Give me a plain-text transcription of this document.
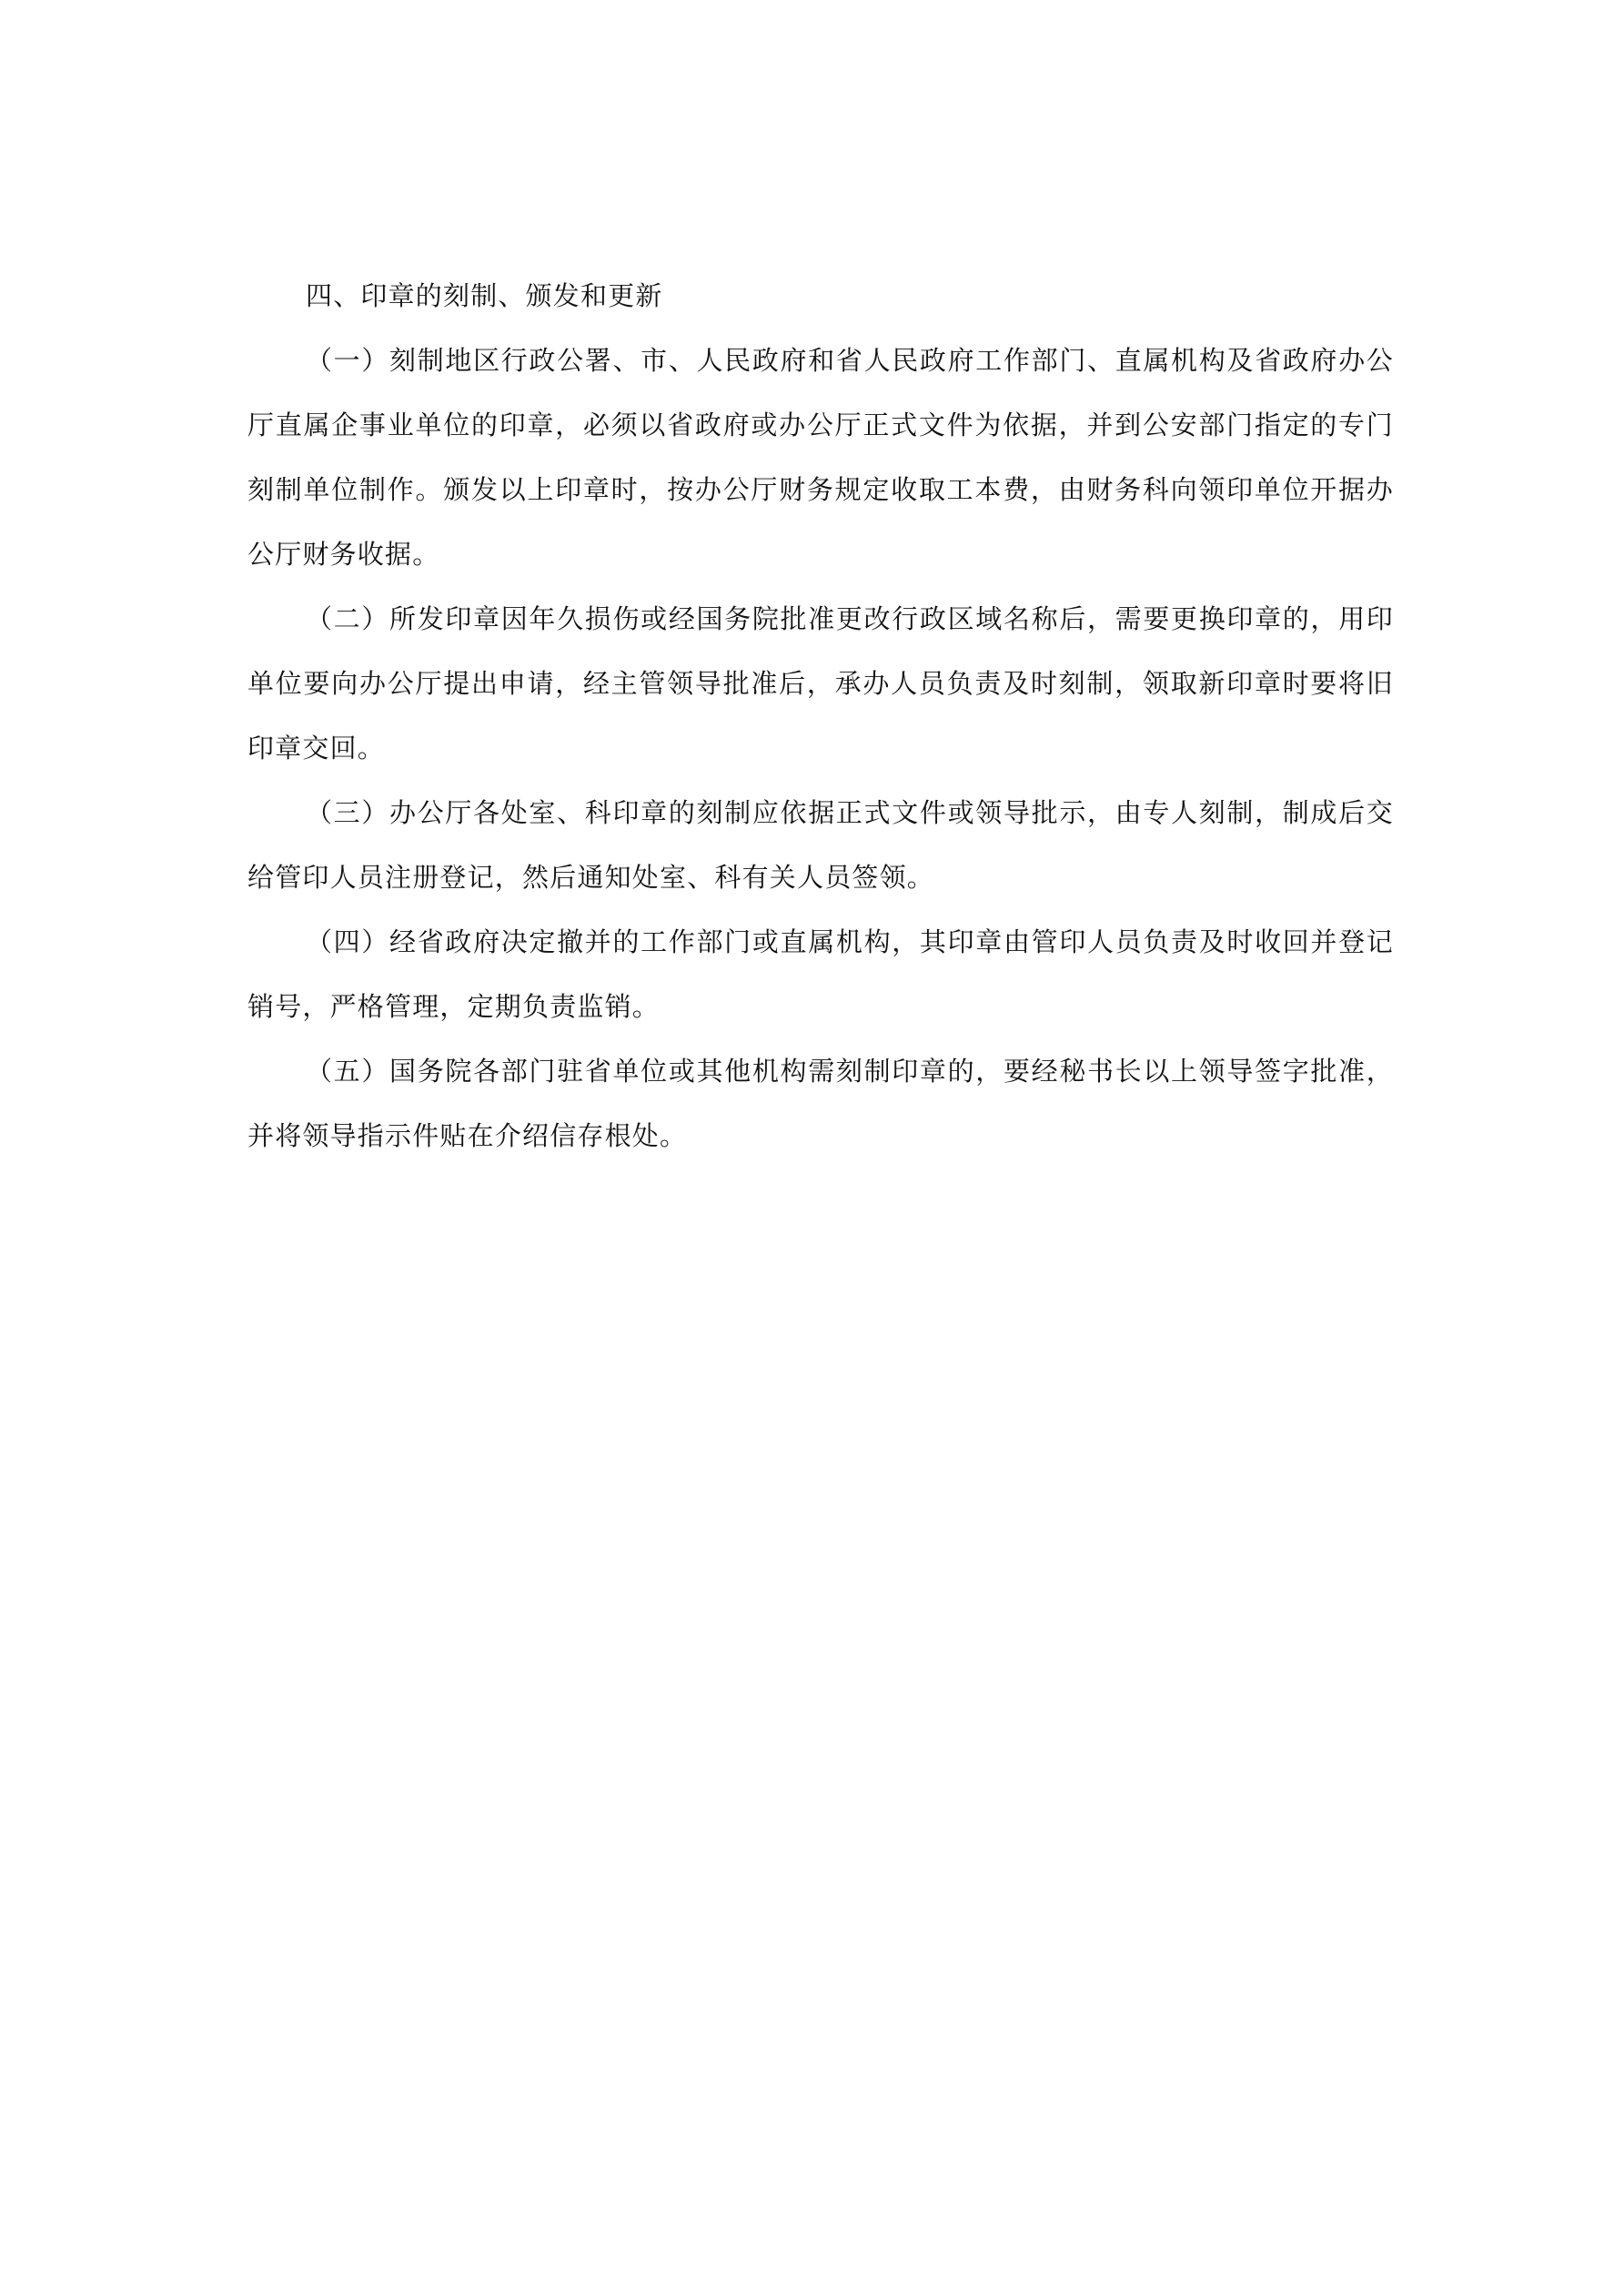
四、印章的刻制、颁发和更新

（一）刻制地区行政公署、市、人民政府和省人民政府工作部门、直属机构及省政府办公厅直属企事业单位的印章，必须以省政府或办公厅正式文件为依据，并到公安部门指定的专门刻制单位制作。颁发以上印章时，按办公厅财务规定收取工本费，由财务科向领印单位开据办公厅财务收据。

（二）所发印章因年久损伤或经国务院批准更改行政区域名称后，需要更换印章的，用印单位要向办公厅提出申请，经主管领导批准后，承办人员负责及时刻制，领取新印章时要将旧印章交回。

（三）办公厅各处室、科印章的刻制应依据正式文件或领导批示，由专人刻制，制成后交给管印人员注册登记，然后通知处室、科有关人员签领。

（四）经省政府决定撤并的工作部门或直属机构，其印章由管印人员负责及时收回并登记销号，严格管理，定期负责监销。

（五）国务院各部门驻省单位或其他机构需刻制印章的，要经秘书长以上领导签字批准，并将领导指示件贴在介绍信存根处。
